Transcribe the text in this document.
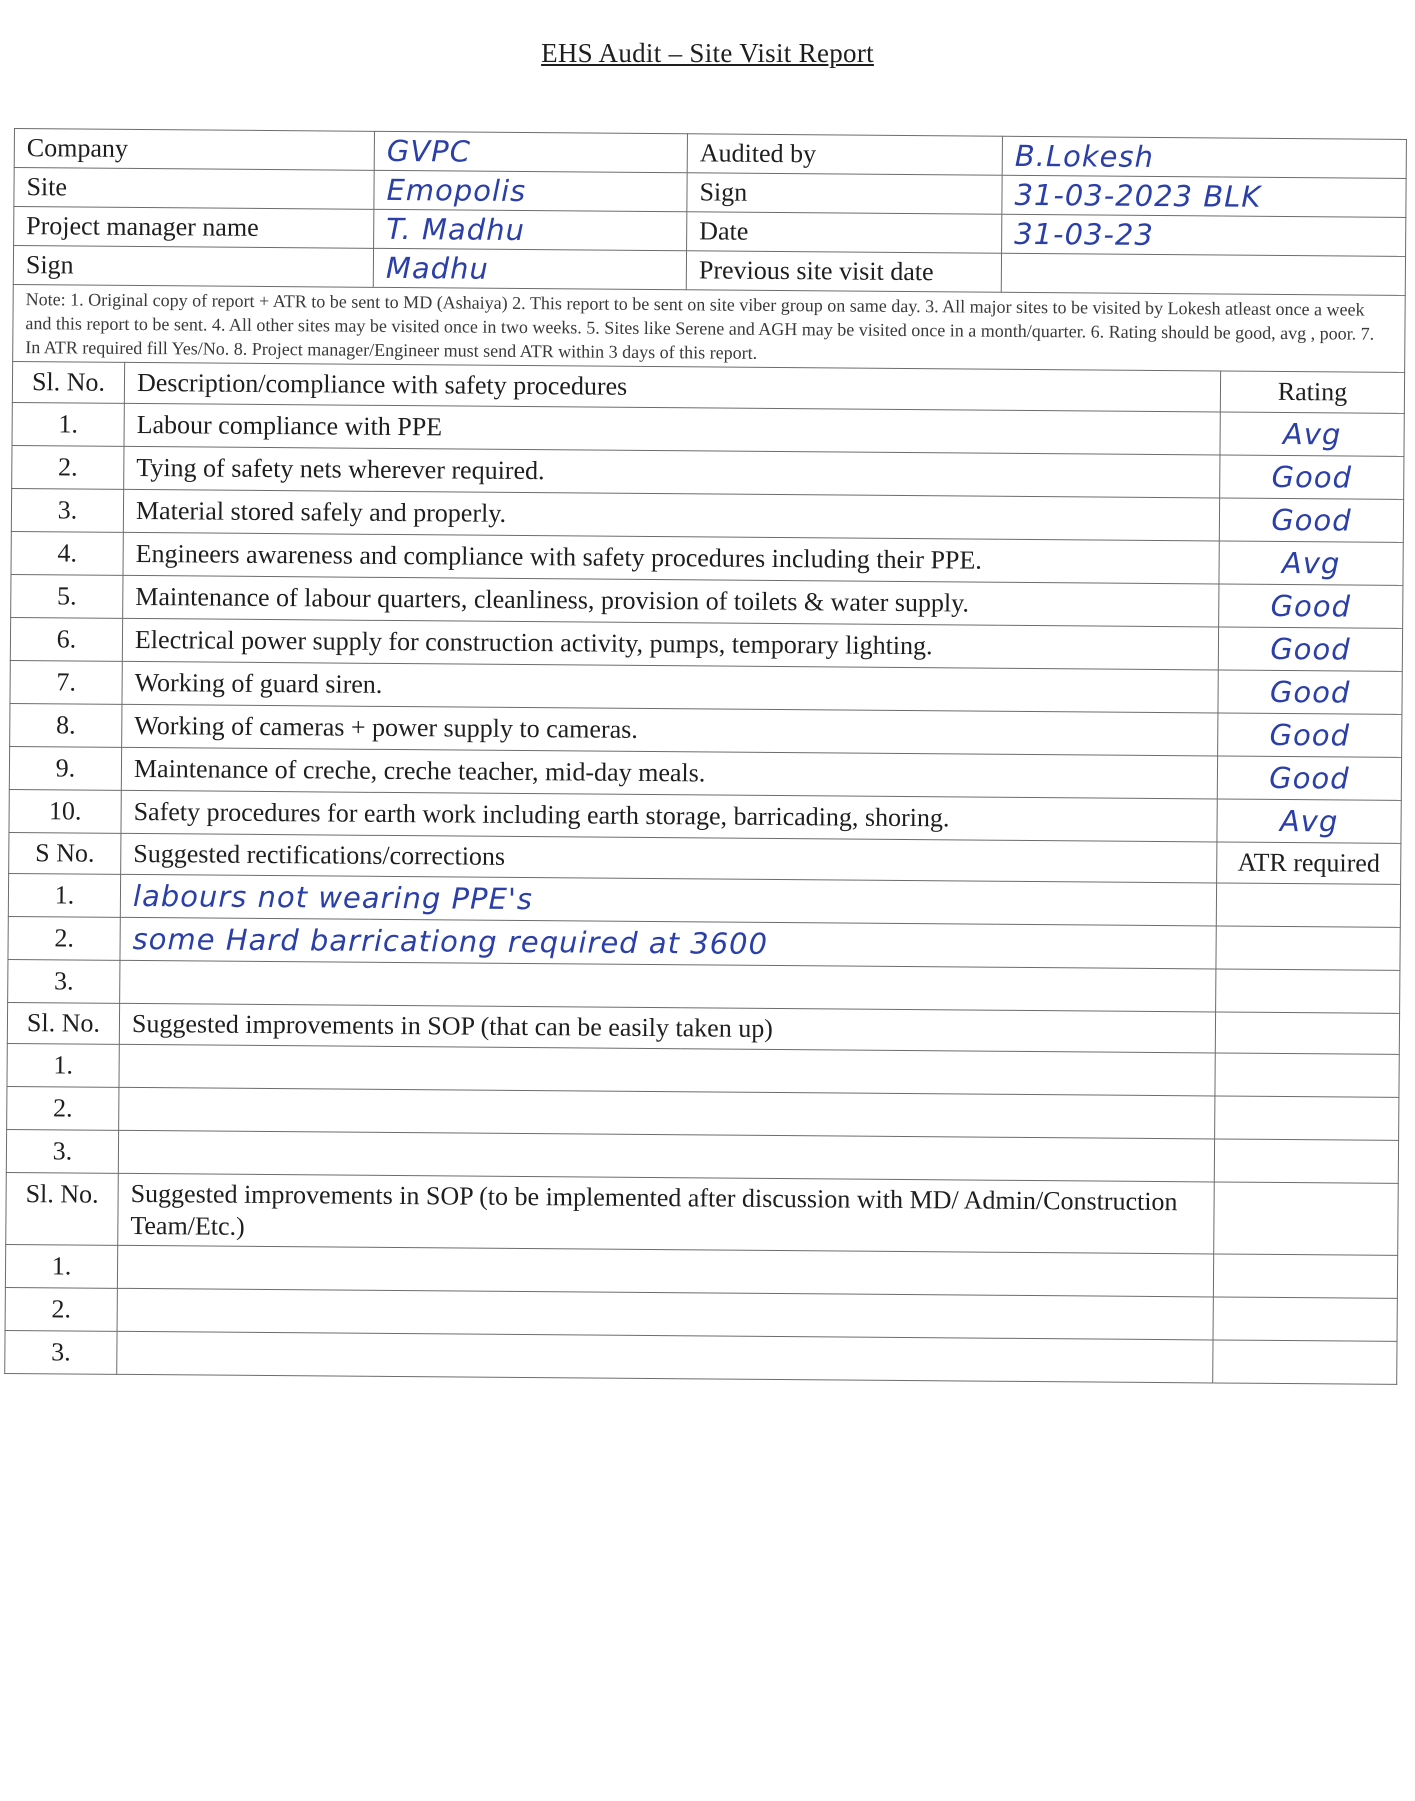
EHS Audit – Site Visit Report
Company		GVPC	Audited by	B.Lokesh	
Site		Emopolis	Sign	31-03-2023 BLK	
Project manager name		T. Madhu	Date	31-03-23	
Sign		Madhu	Previous site visit date		
Note: 1. Original copy of report + ATR to be sent to MD (Ashaiya) 2. This report to be sent on site viber group on same day. 3. All major sites to be visited by Lokesh atleast once a week and this report to be sent. 4. All other sites may be visited once in two weeks. 5. Sites like Serene and AGH may be visited once in a month/quarter. 6. Rating should be good, avg , poor. 7. In ATR required fill Yes/No. 8. Project manager/Engineer must send ATR within 3 days of this report.					
Sl. No.	Description/compliance with safety procedures				Rating
1.	Labour compliance with PPE				Avg
2.	Tying of safety nets wherever required.				Good
3.	Material stored safely and properly.				Good
4.	Engineers awareness and compliance with safety procedures including their PPE.				Avg
5.	Maintenance of labour quarters, cleanliness, provision of toilets & water supply.				Good
6.	Electrical power supply for construction activity, pumps, temporary lighting.				Good
7.	Working of guard siren.				Good
8.	Working of cameras + power supply to cameras.				Good
9.	Maintenance of creche, creche teacher, mid-day meals.				Good
10.	Safety procedures for earth work including earth storage, barricading, shoring.				Avg
S No.	Suggested rectifications/corrections				ATR required
1.	labours not wearing PPE's				
2.	some Hard barricationg required at 3600				
3.					
Sl. No.	Suggested improvements in SOP (that can be easily taken up)				
1.					
2.					
3.					
Sl. No.	Suggested improvements in SOP (to be implemented after discussion with MD/ Admin/Construction Team/Etc.)				
1.					
2.					
3.					
